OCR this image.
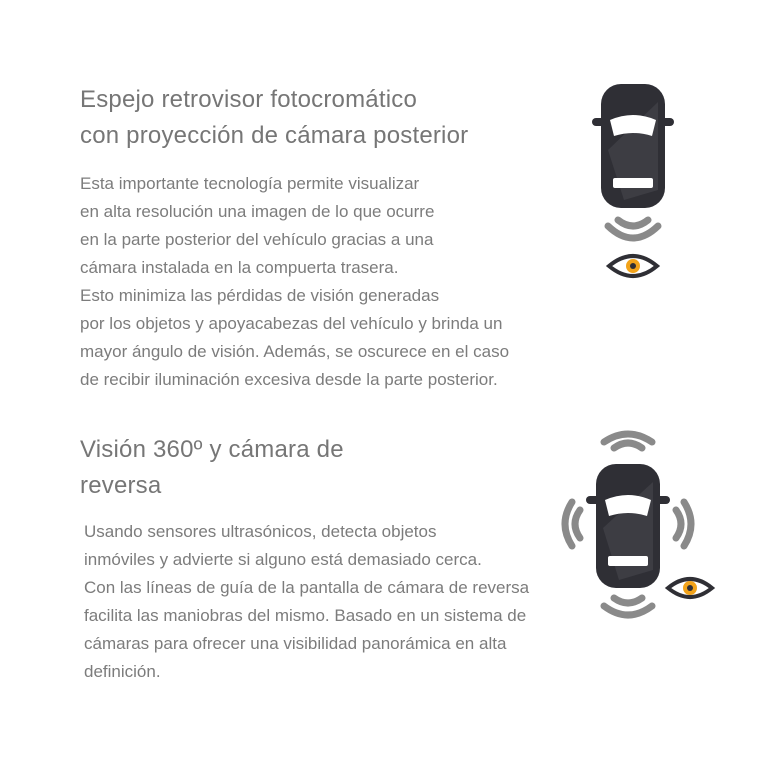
Espejo retrovisor fotocromático
con proyección de cámara posterior

Esta importante tecnología permite visualizar
en alta resolución una imagen de lo que ocurre
en la parte posterior del vehículo gracias a una
cámara instalada en la compuerta trasera.
Esto minimiza las pérdidas de visión generadas
por los objetos y apoyacabezas del vehículo y brinda un
mayor ángulo de visión. Además, se oscurece en el caso
de recibir iluminación excesiva desde la parte posterior.

Visión 360º y cámara de
reversa

Usando sensores ultrasónicos, detecta objetos
inmóviles y advierte si alguno está demasiado cerca.
Con las líneas de guía de la pantalla de cámara de reversa
facilita las maniobras del mismo. Basado en un sistema de
cámaras para ofrecer una visibilidad panorámica en alta
definición.
